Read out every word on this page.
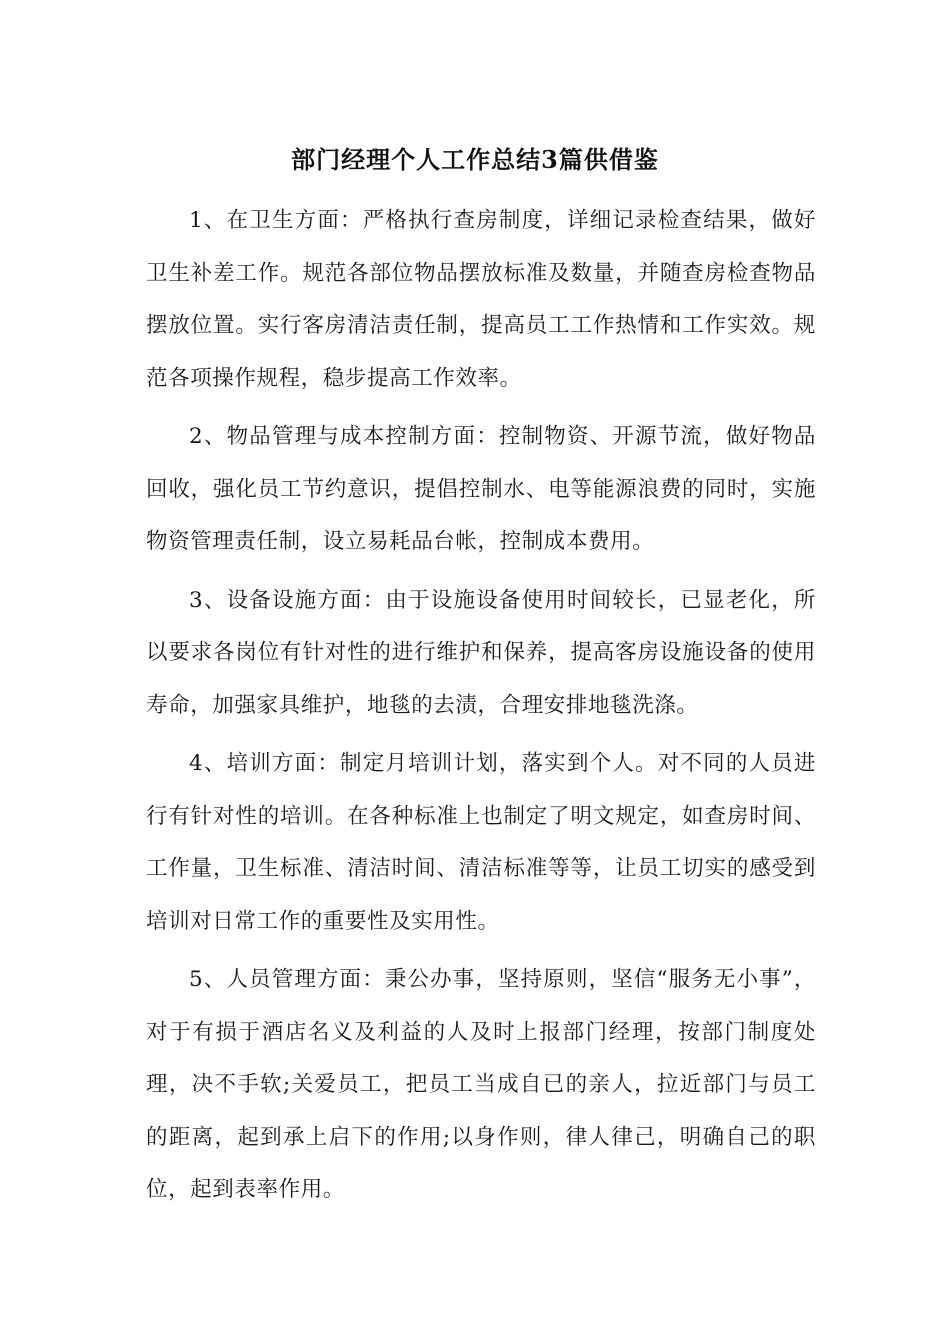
部门经理个人工作总结3篇供借鉴

1、在卫生方面：严格执行查房制度，详细记录检查结果，做好卫生补差工作。规范各部位物品摆放标准及数量，并随查房检查物品摆放位置。实行客房清洁责任制，提高员工工作热情和工作实效。规范各项操作规程，稳步提高工作效率。

2、物品管理与成本控制方面：控制物资、开源节流，做好物品回收，强化员工节约意识，提倡控制水、电等能源浪费的同时，实施物资管理责任制，设立易耗品台帐，控制成本费用。

3、设备设施方面：由于设施设备使用时间较长，已显老化，所以要求各岗位有针对性的进行维护和保养，提高客房设施设备的使用寿命，加强家具维护，地毯的去渍，合理安排地毯洗涤。

4、培训方面：制定月培训计划，落实到个人。对不同的人员进行有针对性的培训。在各种标准上也制定了明文规定，如查房时间、工作量，卫生标准、清洁时间、清洁标准等等，让员工切实的感受到培训对日常工作的重要性及实用性。

5、人员管理方面：秉公办事，坚持原则，坚信“服务无小事”，对于有损于酒店名义及利益的人及时上报部门经理，按部门制度处理，决不手软;关爱员工，把员工当成自已的亲人，拉近部门与员工的距离，起到承上启下的作用;以身作则，律人律己，明确自己的职位，起到表率作用。
